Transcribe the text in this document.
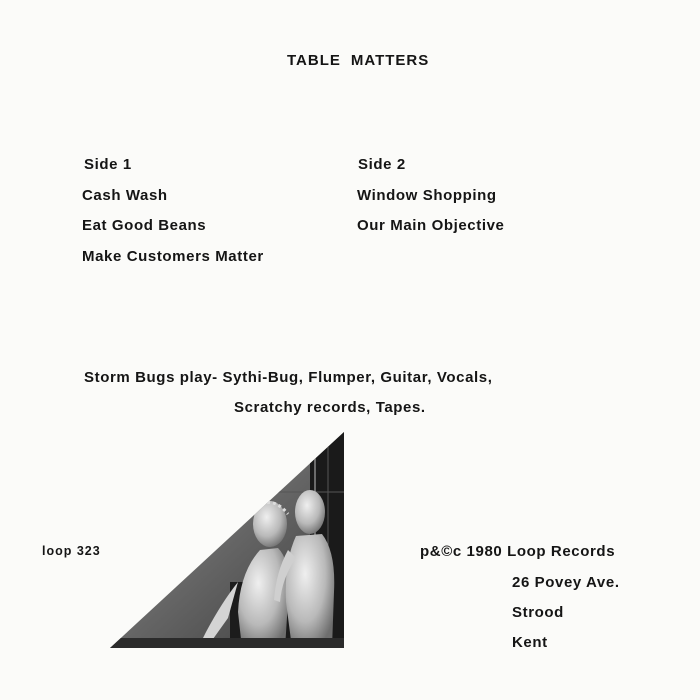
TABLE MATTERS
Side 1
Cash Wash
Eat Good Beans
Make Customers Matter
Side 2
Window Shopping
Our Main Objective
Storm Bugs play- Sythi-Bug, Flumper, Guitar, Vocals,
Scratchy records, Tapes.
loop 323	p&©c 1980 Loop Records
26 Povey Ave.
Strood
Kent
